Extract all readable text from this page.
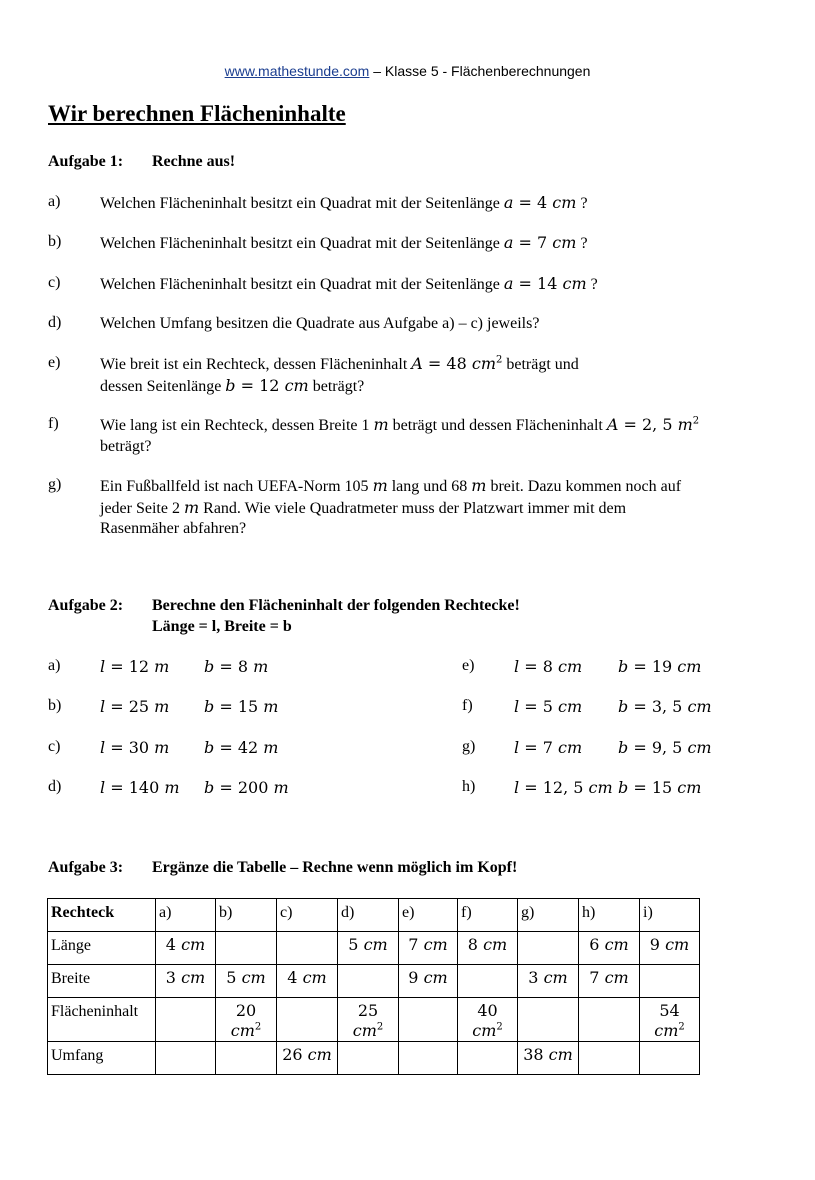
www.mathestunde.com – Klasse 5 - Flächenberechnungen
Wir berechnen Flächeninhalte
Aufgabe 1: Rechne aus!
a) Welchen Flächeninhalt besitzt ein Quadrat mit der Seitenlänge a = 4 cm ?
b) Welchen Flächeninhalt besitzt ein Quadrat mit der Seitenlänge a = 7 cm ?
c) Welchen Flächeninhalt besitzt ein Quadrat mit der Seitenlänge a = 14 cm ?
d) Welchen Umfang besitzen die Quadrate aus Aufgabe a) – c) jeweils?
e) Wie breit ist ein Rechteck, dessen Flächeninhalt A = 48 $cm^2$ beträgt und
dessen Seitenlänge b = 12 cm beträgt?
f)	Wie lang ist ein Rechteck, dessen Breite 1 m beträgt und dessen Flächeninhalt A = 2, 5 $m^2$
beträgt?
g) Ein Fußballfeld ist nach UEFA-Norm 105 m lang und 68 m breit. Dazu kommen noch auf
jeder Seite 2 m Rand. Wie viele Quadratmeter muss der Platzwart immer mit dem
Rasenmäher abfahren?
Aufgabe 2: Berechne den Flächeninhalt der folgenden Rechtecke!
Länge = l, Breite = b
a) l = 12 m b = 8 m
b) l = 25 m b = 15 m
c) l = 30 m b = 42 m
d) l = 140 m b = 200 m
e) l = 8 cm b = 19 cm
f)	l = 5 cm b = 3, 5 cm
g) l = 7 cm b = 9, 5 cm
h) l = 12, 5 cm b = 15 cm
Aufgabe 3: Ergänze die Tabelle – Rechne wenn möglich im Kopf!
Rechteck	a)	b)	c)	d)	e)	f)	g)	h)	i)
Länge	4 cm			5 cm	7 cm	8 cm		6 cm	9 cm
Breite	3 cm	5 cm	4 cm		9 cm		3 cm	7 cm	
Flächeninhalt		20 $cm^2$		25 $cm^2$		40 $cm^2$			54 $cm^2$
Umfang			26 cm				38 cm		
